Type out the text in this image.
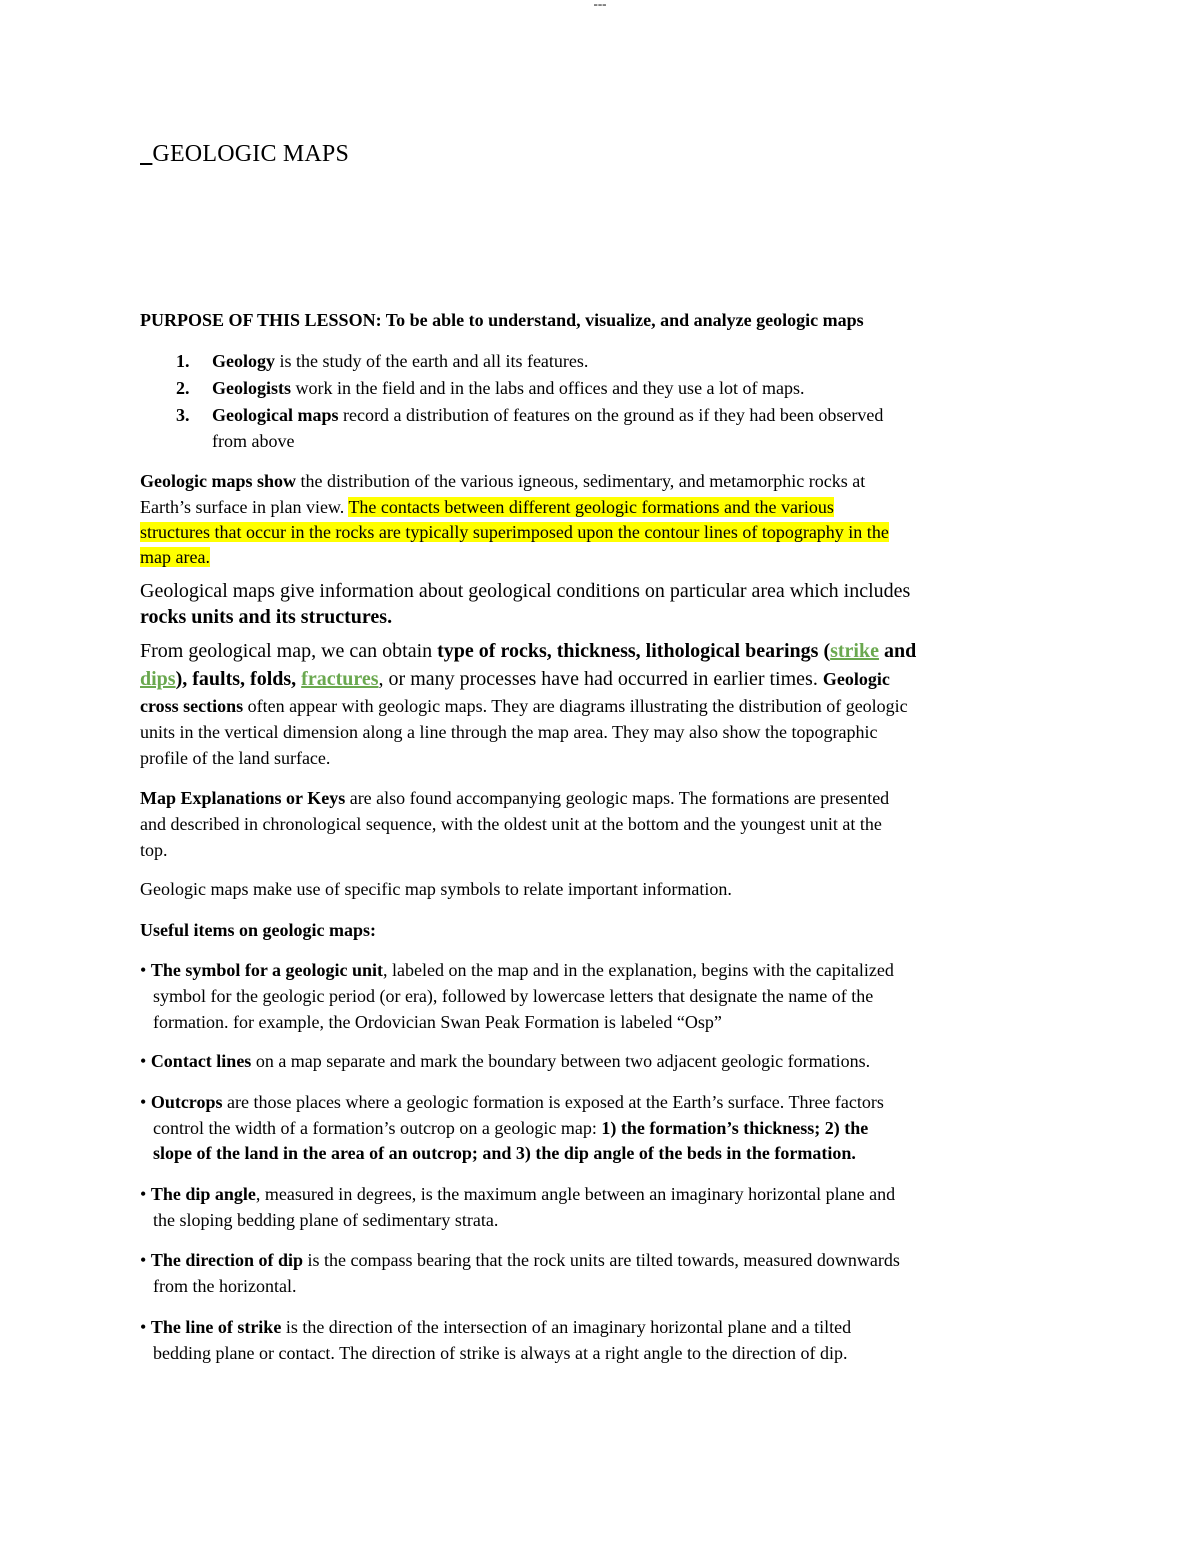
---
GEOLOGIC MAPS
PURPOSE OF THIS LESSON: To be able to understand, visualize, and analyze geologic maps
1. Geology is the study of the earth and all its features.
2. Geologists work in the field and in the labs and offices and they use a lot of maps.
3. Geological maps record a distribution of features on the ground as if they had been observed
from above
Geologic maps show the distribution of the various igneous, sedimentary, and metamorphic rocks at
Earth’s surface in plan view. The contacts between different geologic formations and the various
structures that occur in the rocks are typically superimposed upon the contour lines of topography in the
map area.
Geological maps give information about geological conditions on particular area which includes
rocks units and its structures.
From geological map, we can obtain type of rocks, thickness, lithological bearings (strike and
dips), faults, folds, fractures, or many processes have had occurred in earlier times. Geologic
cross sections often appear with geologic maps. They are diagrams illustrating the distribution of geologic
units in the vertical dimension along a line through the map area. They may also show the topographic
profile of the land surface.
Map Explanations or Keys are also found accompanying geologic maps. The formations are presented
and described in chronological sequence, with the oldest unit at the bottom and the youngest unit at the
top.
Geologic maps make use of specific map symbols to relate important information.
Useful items on geologic maps:
• The symbol for a geologic unit, labeled on the map and in the explanation, begins with the capitalized
symbol for the geologic period (or era), followed by lowercase letters that designate the name of the
formation. for example, the Ordovician Swan Peak Formation is labeled “Osp”
• Contact lines on a map separate and mark the boundary between two adjacent geologic formations.
• Outcrops are those places where a geologic formation is exposed at the Earth’s surface. Three factors
control the width of a formation’s outcrop on a geologic map: 1) the formation’s thickness; 2) the
slope of the land in the area of an outcrop; and 3) the dip angle of the beds in the formation.
• The dip angle, measured in degrees, is the maximum angle between an imaginary horizontal plane and
the sloping bedding plane of sedimentary strata.
• The direction of dip is the compass bearing that the rock units are tilted towards, measured downwards
from the horizontal.
• The line of strike is the direction of the intersection of an imaginary horizontal plane and a tilted
bedding plane or contact. The direction of strike is always at a right angle to the direction of dip.
